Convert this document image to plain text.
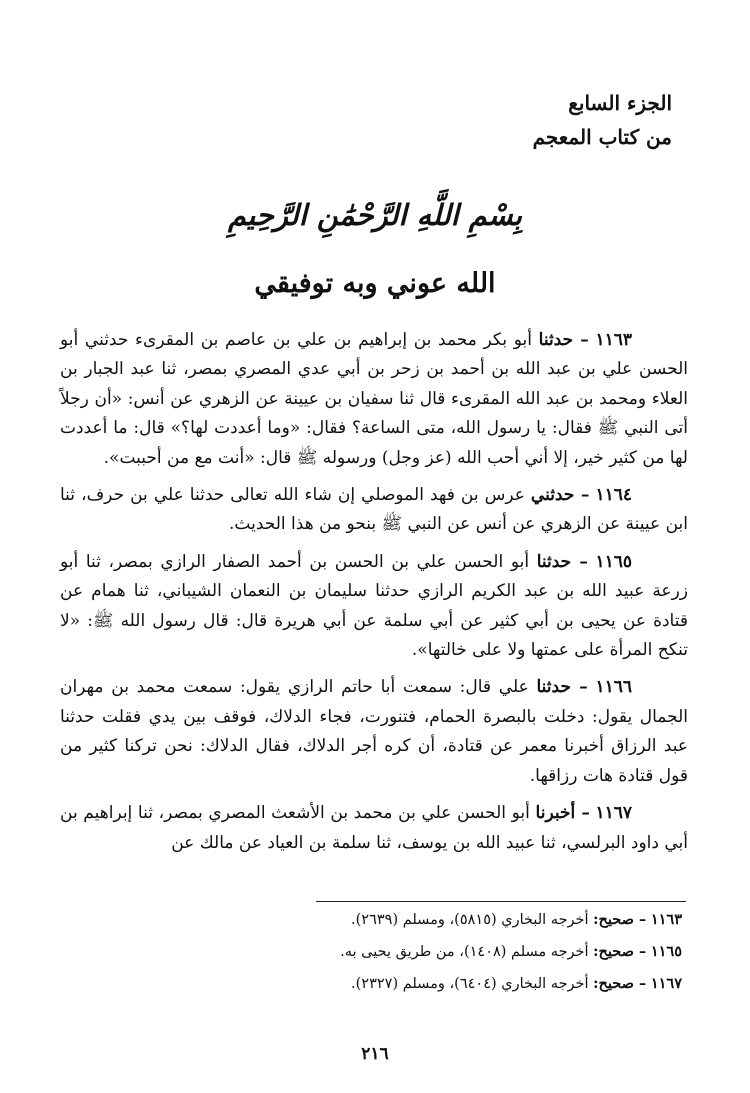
الجزء السابع
من كتاب المعجم
بِسْمِ اللَّهِ الرَّحْمَٰنِ الرَّحِيمِ
الله عوني وبه توفيقي

١١٦٣ – حدثنا أبو بكر محمد بن إبراهيم بن علي بن عاصم بن المقرىء حدثني أبو الحسن علي بن عبد الله بن أحمد بن زحر بن أبي عدي المصري بمصر، ثنا عبد الجبار بن العلاء ومحمد بن عبد الله المقرىء قال ثنا سفيان بن عيينة عن الزهري عن أنس: «أن رجلاً أتى النبي ﷺ فقال: يا رسول الله، متى الساعة؟ فقال: «وما أعددت لها؟» قال: ما أعددت لها من كثير خير، إلا أني أحب الله (عز وجل) ورسوله ﷺ قال: «أنت مع من أحببت».

١١٦٤ – حدثني عرس بن فهد الموصلي إن شاء الله تعالى حدثنا علي بن حرف، ثنا ابن عيينة عن الزهري عن أنس عن النبي ﷺ بنحو من هذا الحديث.

١١٦٥ – حدثنا أبو الحسن علي بن الحسن بن أحمد الصفار الرازي بمصر، ثنا أبو زرعة عبيد الله بن عبد الكريم الرازي حدثنا سليمان بن النعمان الشيباني، ثنا همام عن قتادة عن يحيى بن أبي كثير عن أبي سلمة عن أبي هريرة قال: قال رسول الله ﷺ: «لا تنكح المرأة على عمتها ولا على خالتها».

١١٦٦ – حدثنا علي قال: سمعت أبا حاتم الرازي يقول: سمعت محمد بن مهران الجمال يقول: دخلت بالبصرة الحمام، فتنورت، فجاء الدلاك، فوقف بين يدي فقلت حدثنا عبد الرزاق أخبرنا معمر عن قتادة، أن كره أجر الدلاك، فقال الدلاك: نحن تركنا كثير من قول قتادة هات رزاقها.

١١٦٧ – أخبرنا أبو الحسن علي بن محمد بن الأشعث المصري بمصر، ثنا إبراهيم بن أبي داود البرلسي، ثنا عبيد الله بن يوسف، ثنا سلمة بن العياد عن مالك عن

١١٦٣ – صحيح: أخرجه البخاري (٥٨١٥)، ومسلم (٢٦٣٩).
١١٦٥ – صحيح: أخرجه مسلم (١٤٠٨)، من طريق يحيى به.
١١٦٧ – صحيح: أخرجه البخاري (٦٤٠٤)، ومسلم (٢٣٢٧).
٢١٦
